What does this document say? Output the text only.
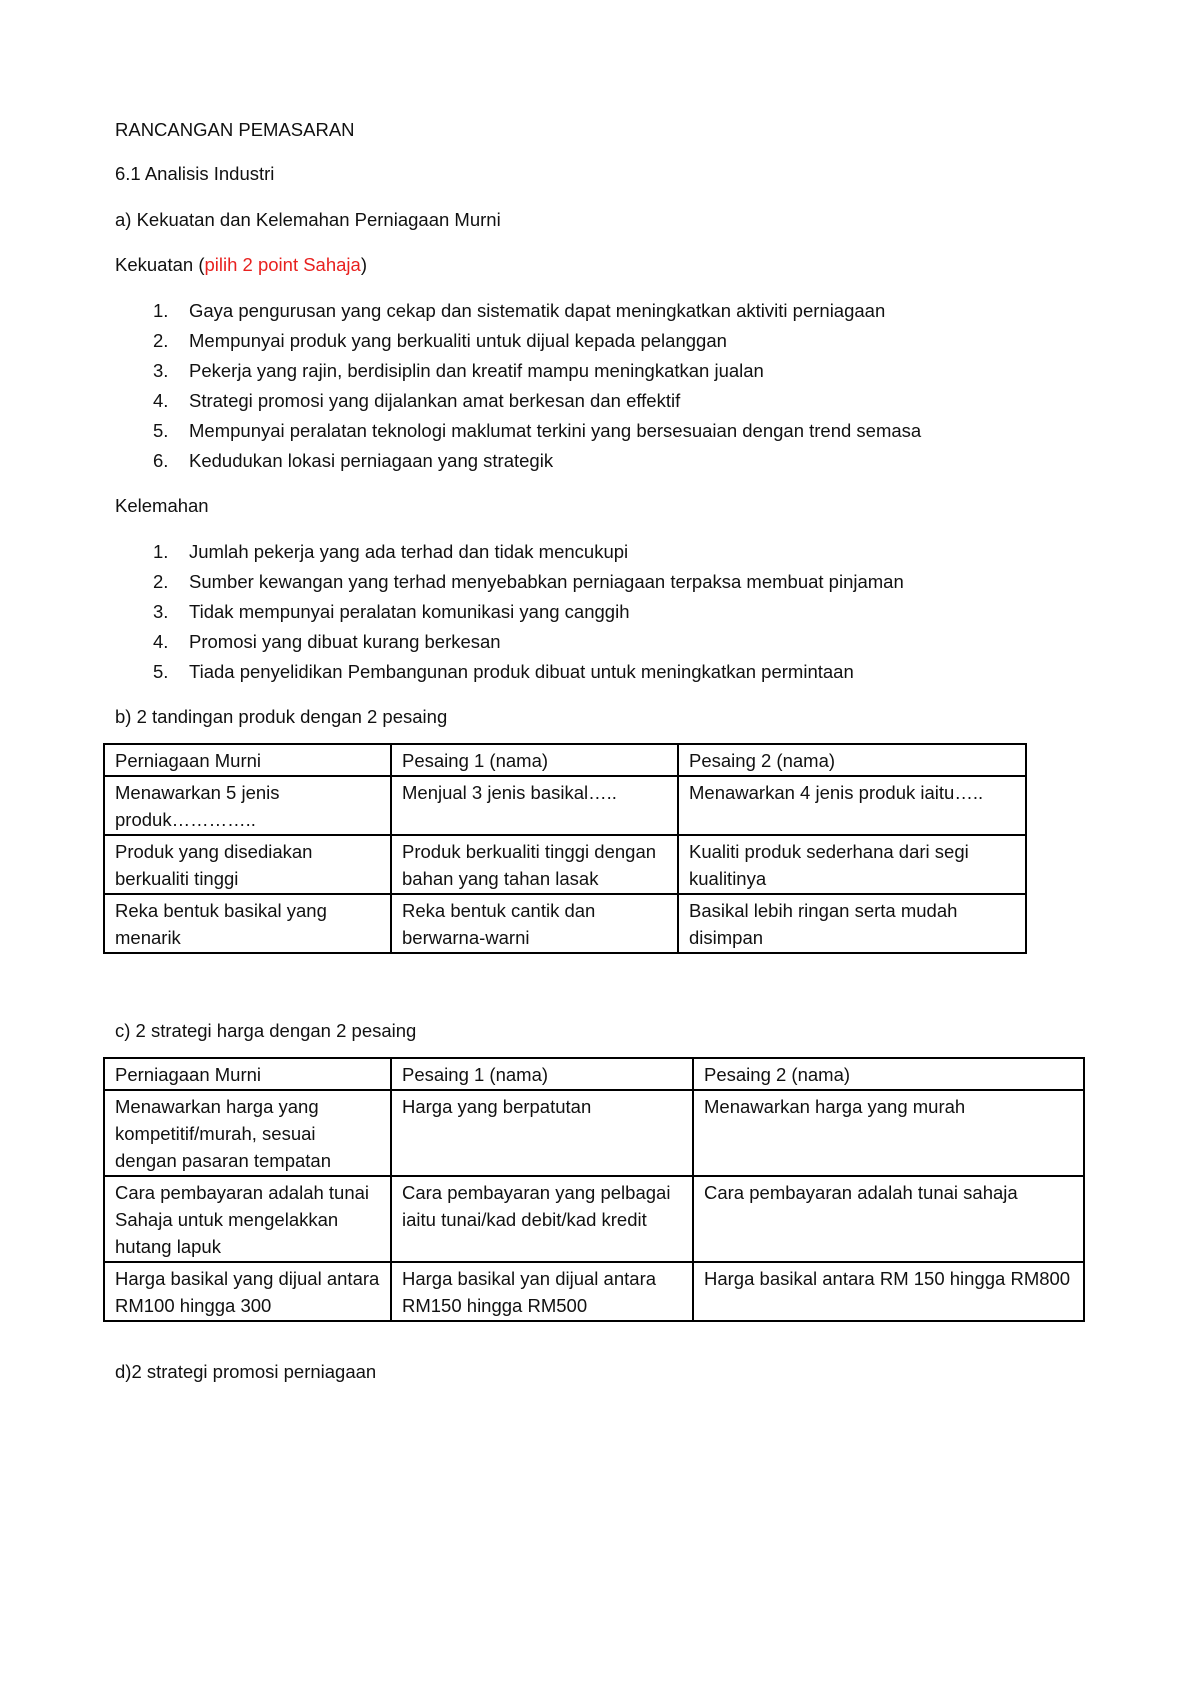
RANCANGAN PEMASARAN

6.1 Analisis Industri

a) Kekuatan dan Kelemahan Perniagaan Murni

Kekuatan (pilih 2 point Sahaja)

1. Gaya pengurusan yang cekap dan sistematik dapat meningkatkan aktiviti perniagaan
2. Mempunyai produk yang berkualiti untuk dijual kepada pelanggan
3. Pekerja yang rajin, berdisiplin dan kreatif mampu meningkatkan jualan
4. Strategi promosi yang dijalankan amat berkesan dan effektif
5. Mempunyai peralatan teknologi maklumat terkini yang bersesuaian dengan trend semasa
6. Kedudukan lokasi perniagaan yang strategik

Kelemahan

1. Jumlah pekerja yang ada terhad dan tidak mencukupi
2. Sumber kewangan yang terhad menyebabkan perniagaan terpaksa membuat pinjaman
3. Tidak mempunyai peralatan komunikasi yang canggih
4. Promosi yang dibuat kurang berkesan
5. Tiada penyelidikan Pembangunan produk dibuat untuk meningkatkan permintaan

b) 2 tandingan produk dengan 2 pesaing

Perniagaan Murni	Pesaing 1 (nama)	Pesaing 2 (nama)
Menawarkan 5 jenis produk…………..	Menjual 3 jenis basikal…..	Menawarkan 4 jenis produk iaitu…..
Produk yang disediakan berkualiti tinggi	Produk berkualiti tinggi dengan bahan yang tahan lasak	Kualiti produk sederhana dari segi kualitinya
Reka bentuk basikal yang menarik	Reka bentuk cantik dan berwarna-warni	Basikal lebih ringan serta mudah disimpan

c) 2 strategi harga dengan 2 pesaing

Perniagaan Murni	Pesaing 1 (nama)	Pesaing 2 (nama)
Menawarkan harga yang kompetitif/murah, sesuai dengan pasaran tempatan	Harga yang berpatutan	Menawarkan harga yang murah
Cara pembayaran adalah tunai Sahaja untuk mengelakkan hutang lapuk	Cara pembayaran yang pelbagai iaitu tunai/kad debit/kad kredit	Cara pembayaran adalah tunai sahaja
Harga basikal yang dijual antara RM100 hingga 300	Harga basikal yan dijual antara RM150 hingga RM500	Harga basikal antara RM 150 hingga RM800

d)2 strategi promosi perniagaan
